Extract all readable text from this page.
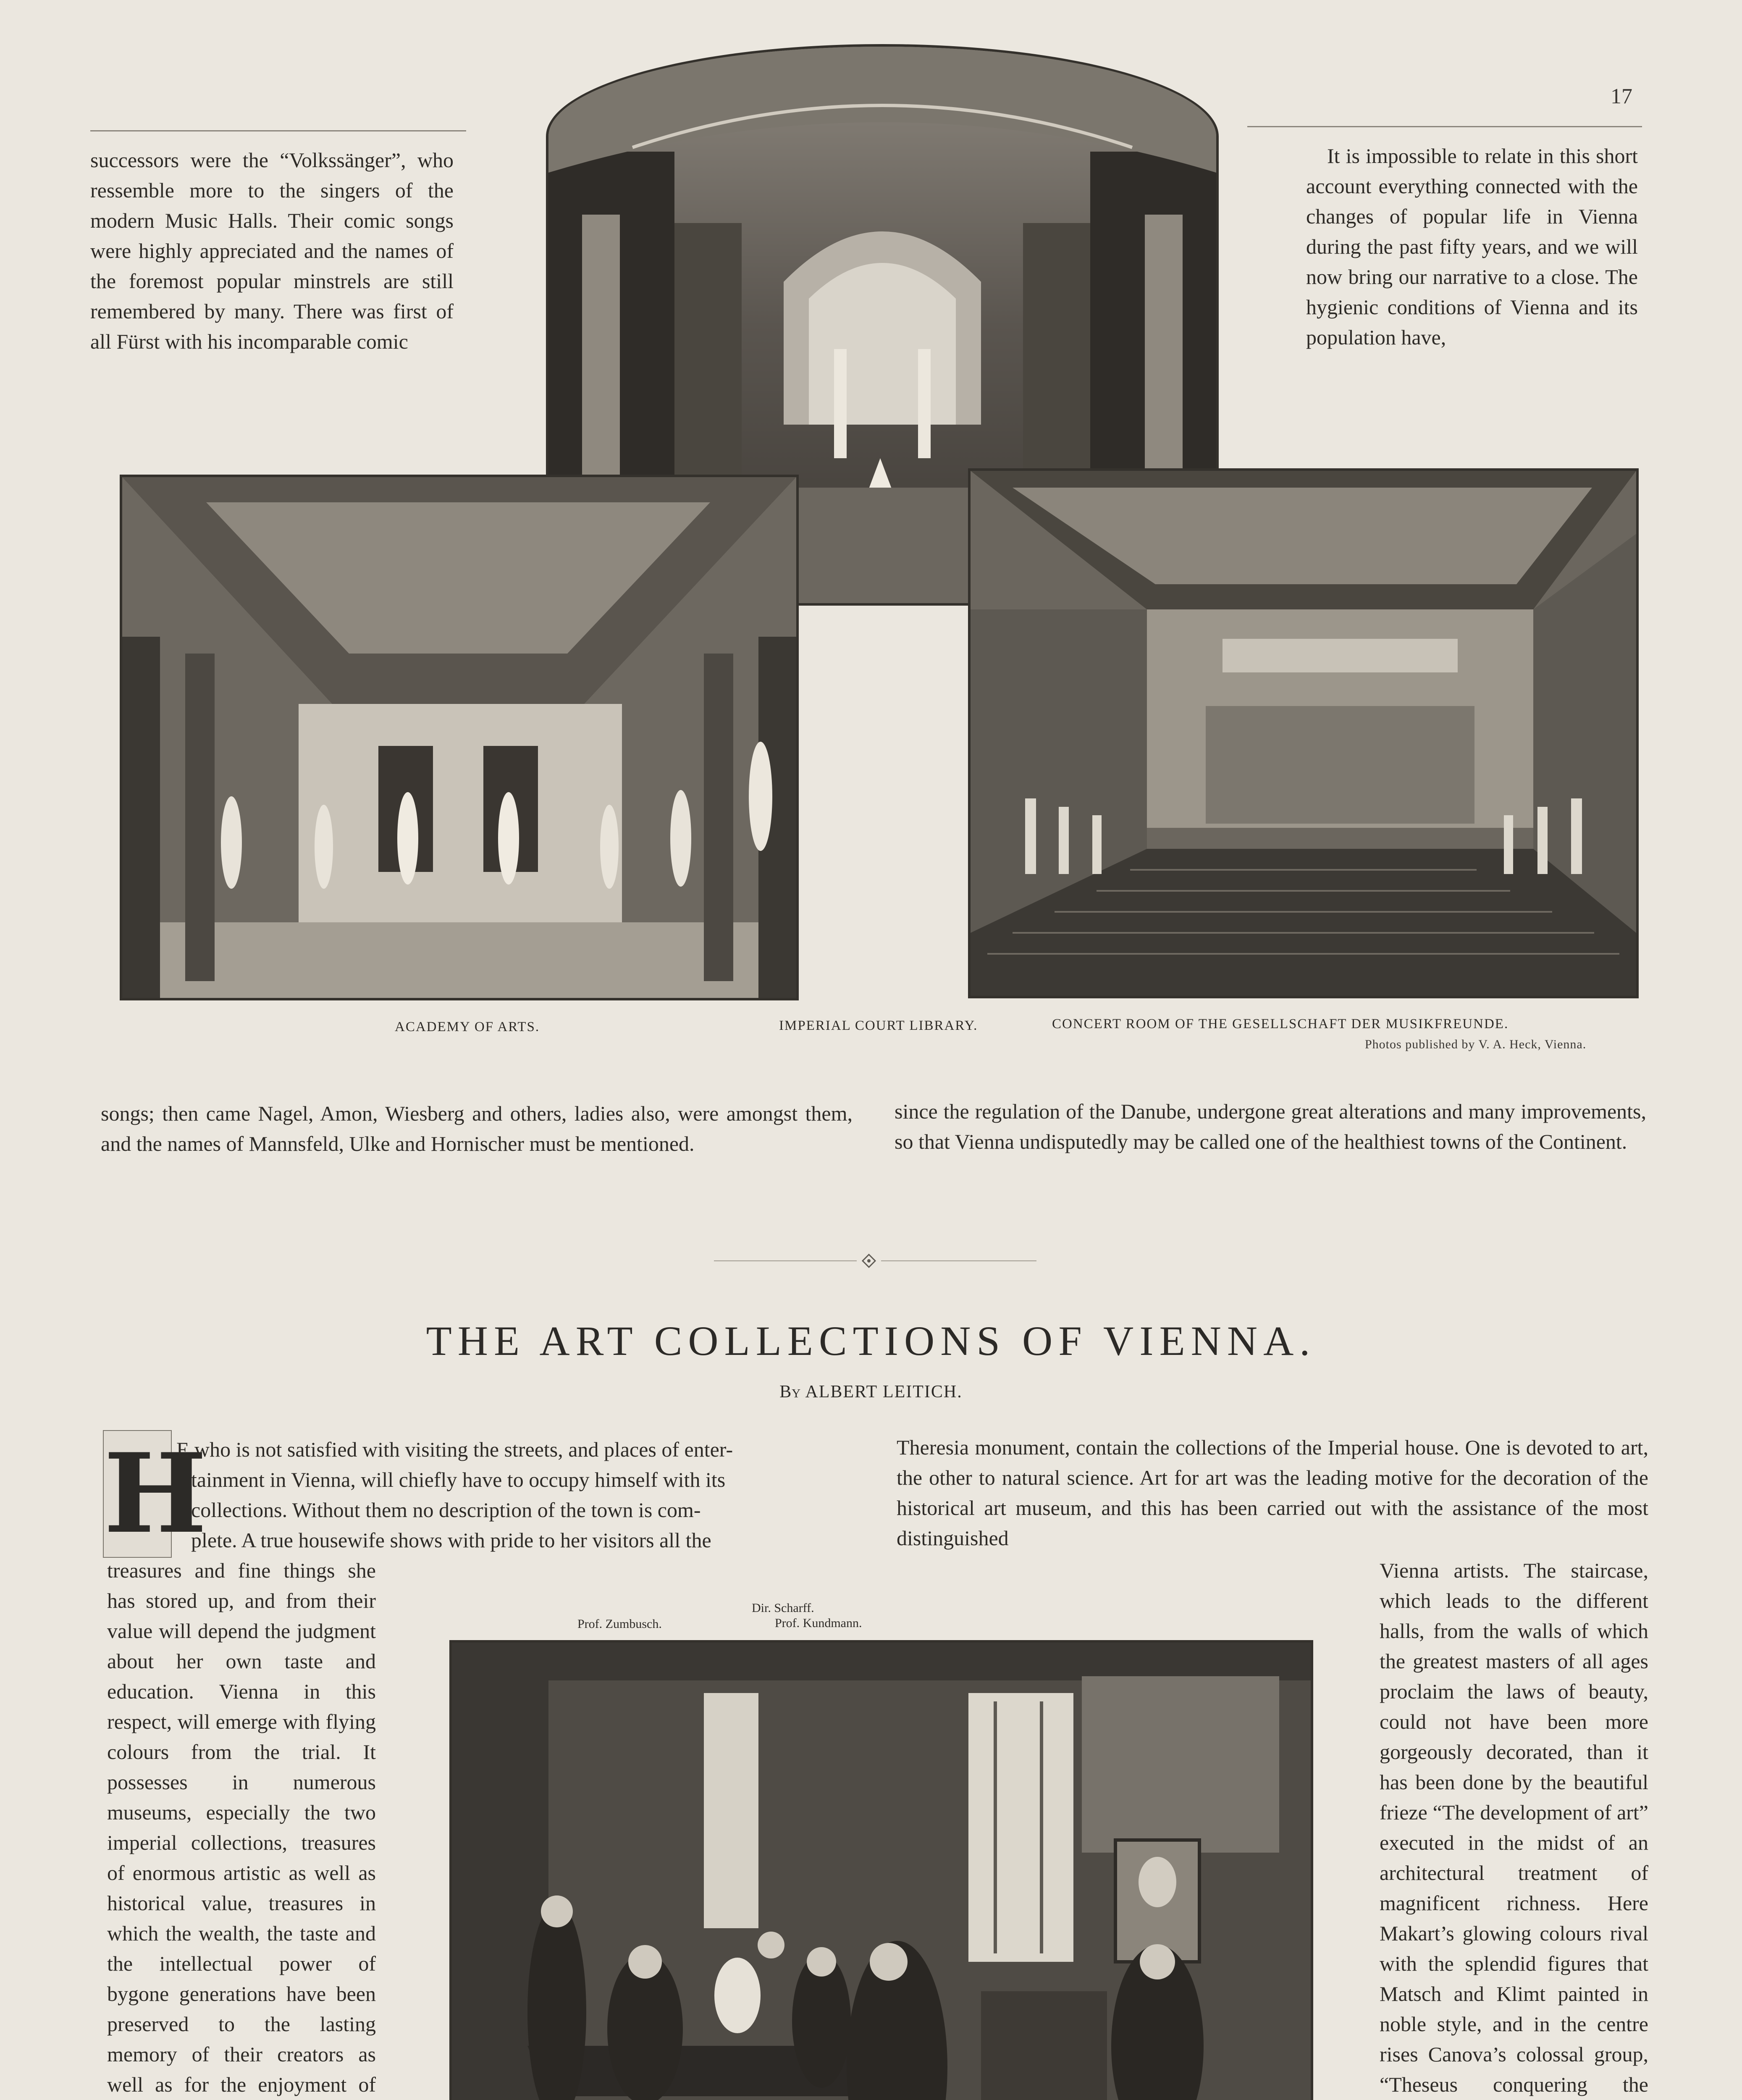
17
successors were the “Volkssänger”, who ressemble more to the singers of the modern Music Halls. Their comic songs were highly appreciated and the names of the foremost popular minstrels are still remembered by many. There was first of all Fürst with his incomparable comic
It is impossible to relate in this short account everything connected with the changes of popular life in Vienna during the past fifty years, and we will now bring our narrative to a close. The hygienic conditions of Vienna and its population have,
ACADEMY OF ARTS.	IMPERIAL COURT LIBRARY.	CONCERT ROOM OF THE GESELLSCHAFT DER MUSIKFREUNDE.
Photos published by V. A. Heck, Vienna.
songs; then came Nagel, Amon, Wiesberg and others, ladies also, were amongst them, and the names of Mannsfeld, Ulke and Hornischer must be mentioned.
since the regulation of the Danube, undergone great alterations and many improvements, so that Vienna undisputedly may be called one of the healthiest towns of the Continent.
THE ART COLLECTIONS OF VIENNA.
By ALBERT LEITICH.
H
E who is not satisfied with visiting the streets, and places of enter-
tainment in Vienna, will chiefly have to occupy himself with its
collections. Without them no description of the town is com-
plete. A true housewife shows with pride to her visitors all the
treasures and fine things she has stored up, and from their value will depend the judgment about her own taste and education. Vienna in this respect, will emerge with flying colours from the trial. It possesses in numerous museums, especially the two imperial collections, treasures of enormous artistic as well as historical value, treasures in which the wealth, the taste and the intellectual power of bygone generations have been preserved to the lasting memory of their creators as well as for the enjoyment of
Theresia monument, contain the collections of the Imperial house. One is devoted to art, the other to natural science. Art for art was the leading motive for the decoration of the historical art museum, and this has been carried out with the assistance of the most distinguished
Vienna artists. The staircase, which leads to the different halls, from the walls of which the greatest masters of all ages proclaim the laws of beauty, could not have been more gorgeously decorated, than it has been done by the beautiful frieze “The development of art” executed in the midst of an architectural treatment of magnificent richness. Here Makart’s glowing colours rival with the splendid figures that Matsch and Klimt painted in noble style, and in the centre rises Canova’s colossal group, “Theseus conquering the
Prof. Zumbusch.
Dir. Scharff.
Prof. Kundmann.
